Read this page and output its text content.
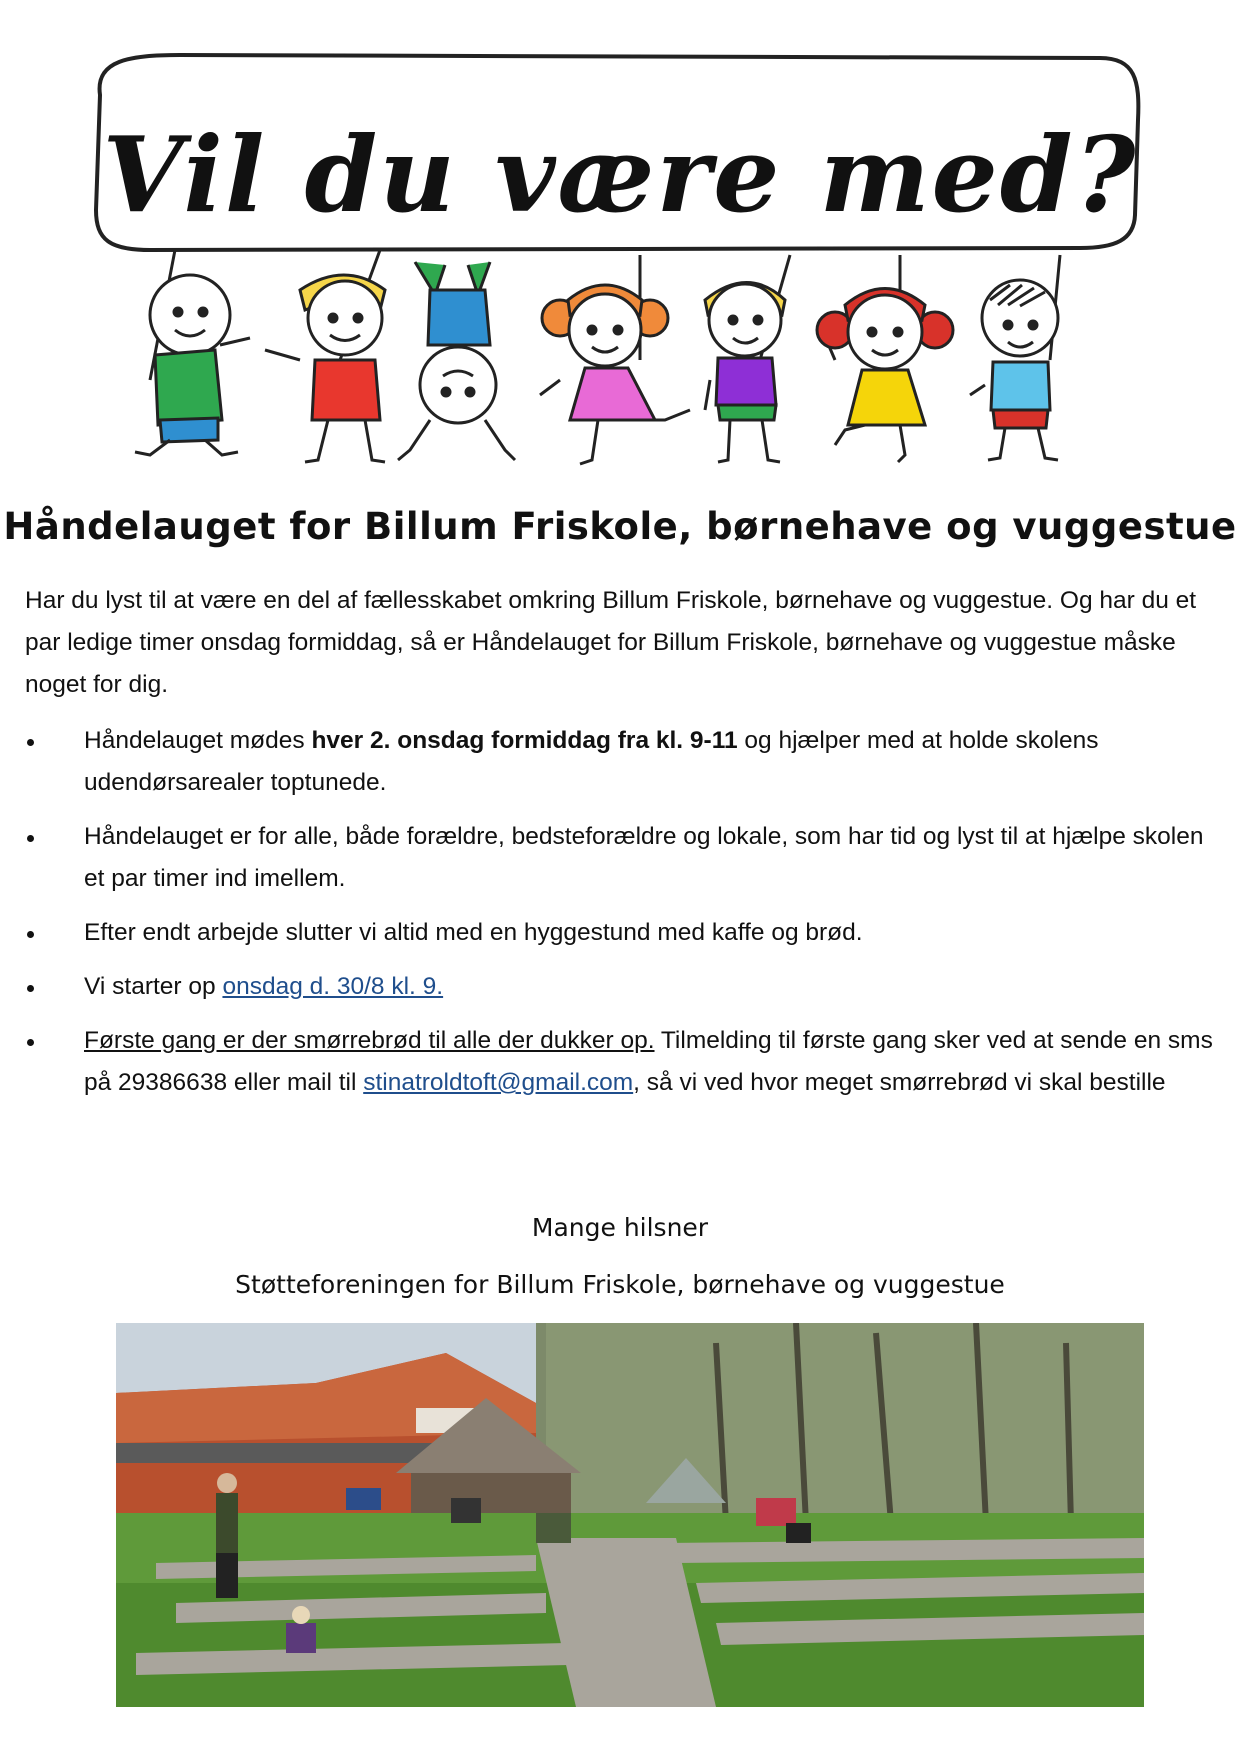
Vil du være med?
Håndelauget for Billum Friskole, børnehave og vuggestue

Har du lyst til at være en del af fællesskabet omkring Billum Friskole, børnehave og vuggestue. Og har du et par ledige timer onsdag formiddag, så er Håndelauget for Billum Friskole, børnehave og vuggestue måske noget for dig.

Håndelauget mødes hver 2. onsdag formiddag fra kl. 9-11 og hjælper med at holde skolens udendørsarealer toptunede.
Håndelauget er for alle, både forældre, bedsteforældre og lokale, som har tid og lyst til at hjælpe skolen et par timer ind imellem.
Efter endt arbejde slutter vi altid med en hyggestund med kaffe og brød.
Vi starter op onsdag d. 30/8 kl. 9.
Første gang er der smørrebrød til alle der dukker op. Tilmelding til første gang sker ved at sende en sms på 29386638 eller mail til stinatroldtoft@gmail.com, så vi ved hvor meget smørrebrød vi skal bestille
Mange hilsner
Støtteforeningen for Billum Friskole, børnehave og vuggestue
